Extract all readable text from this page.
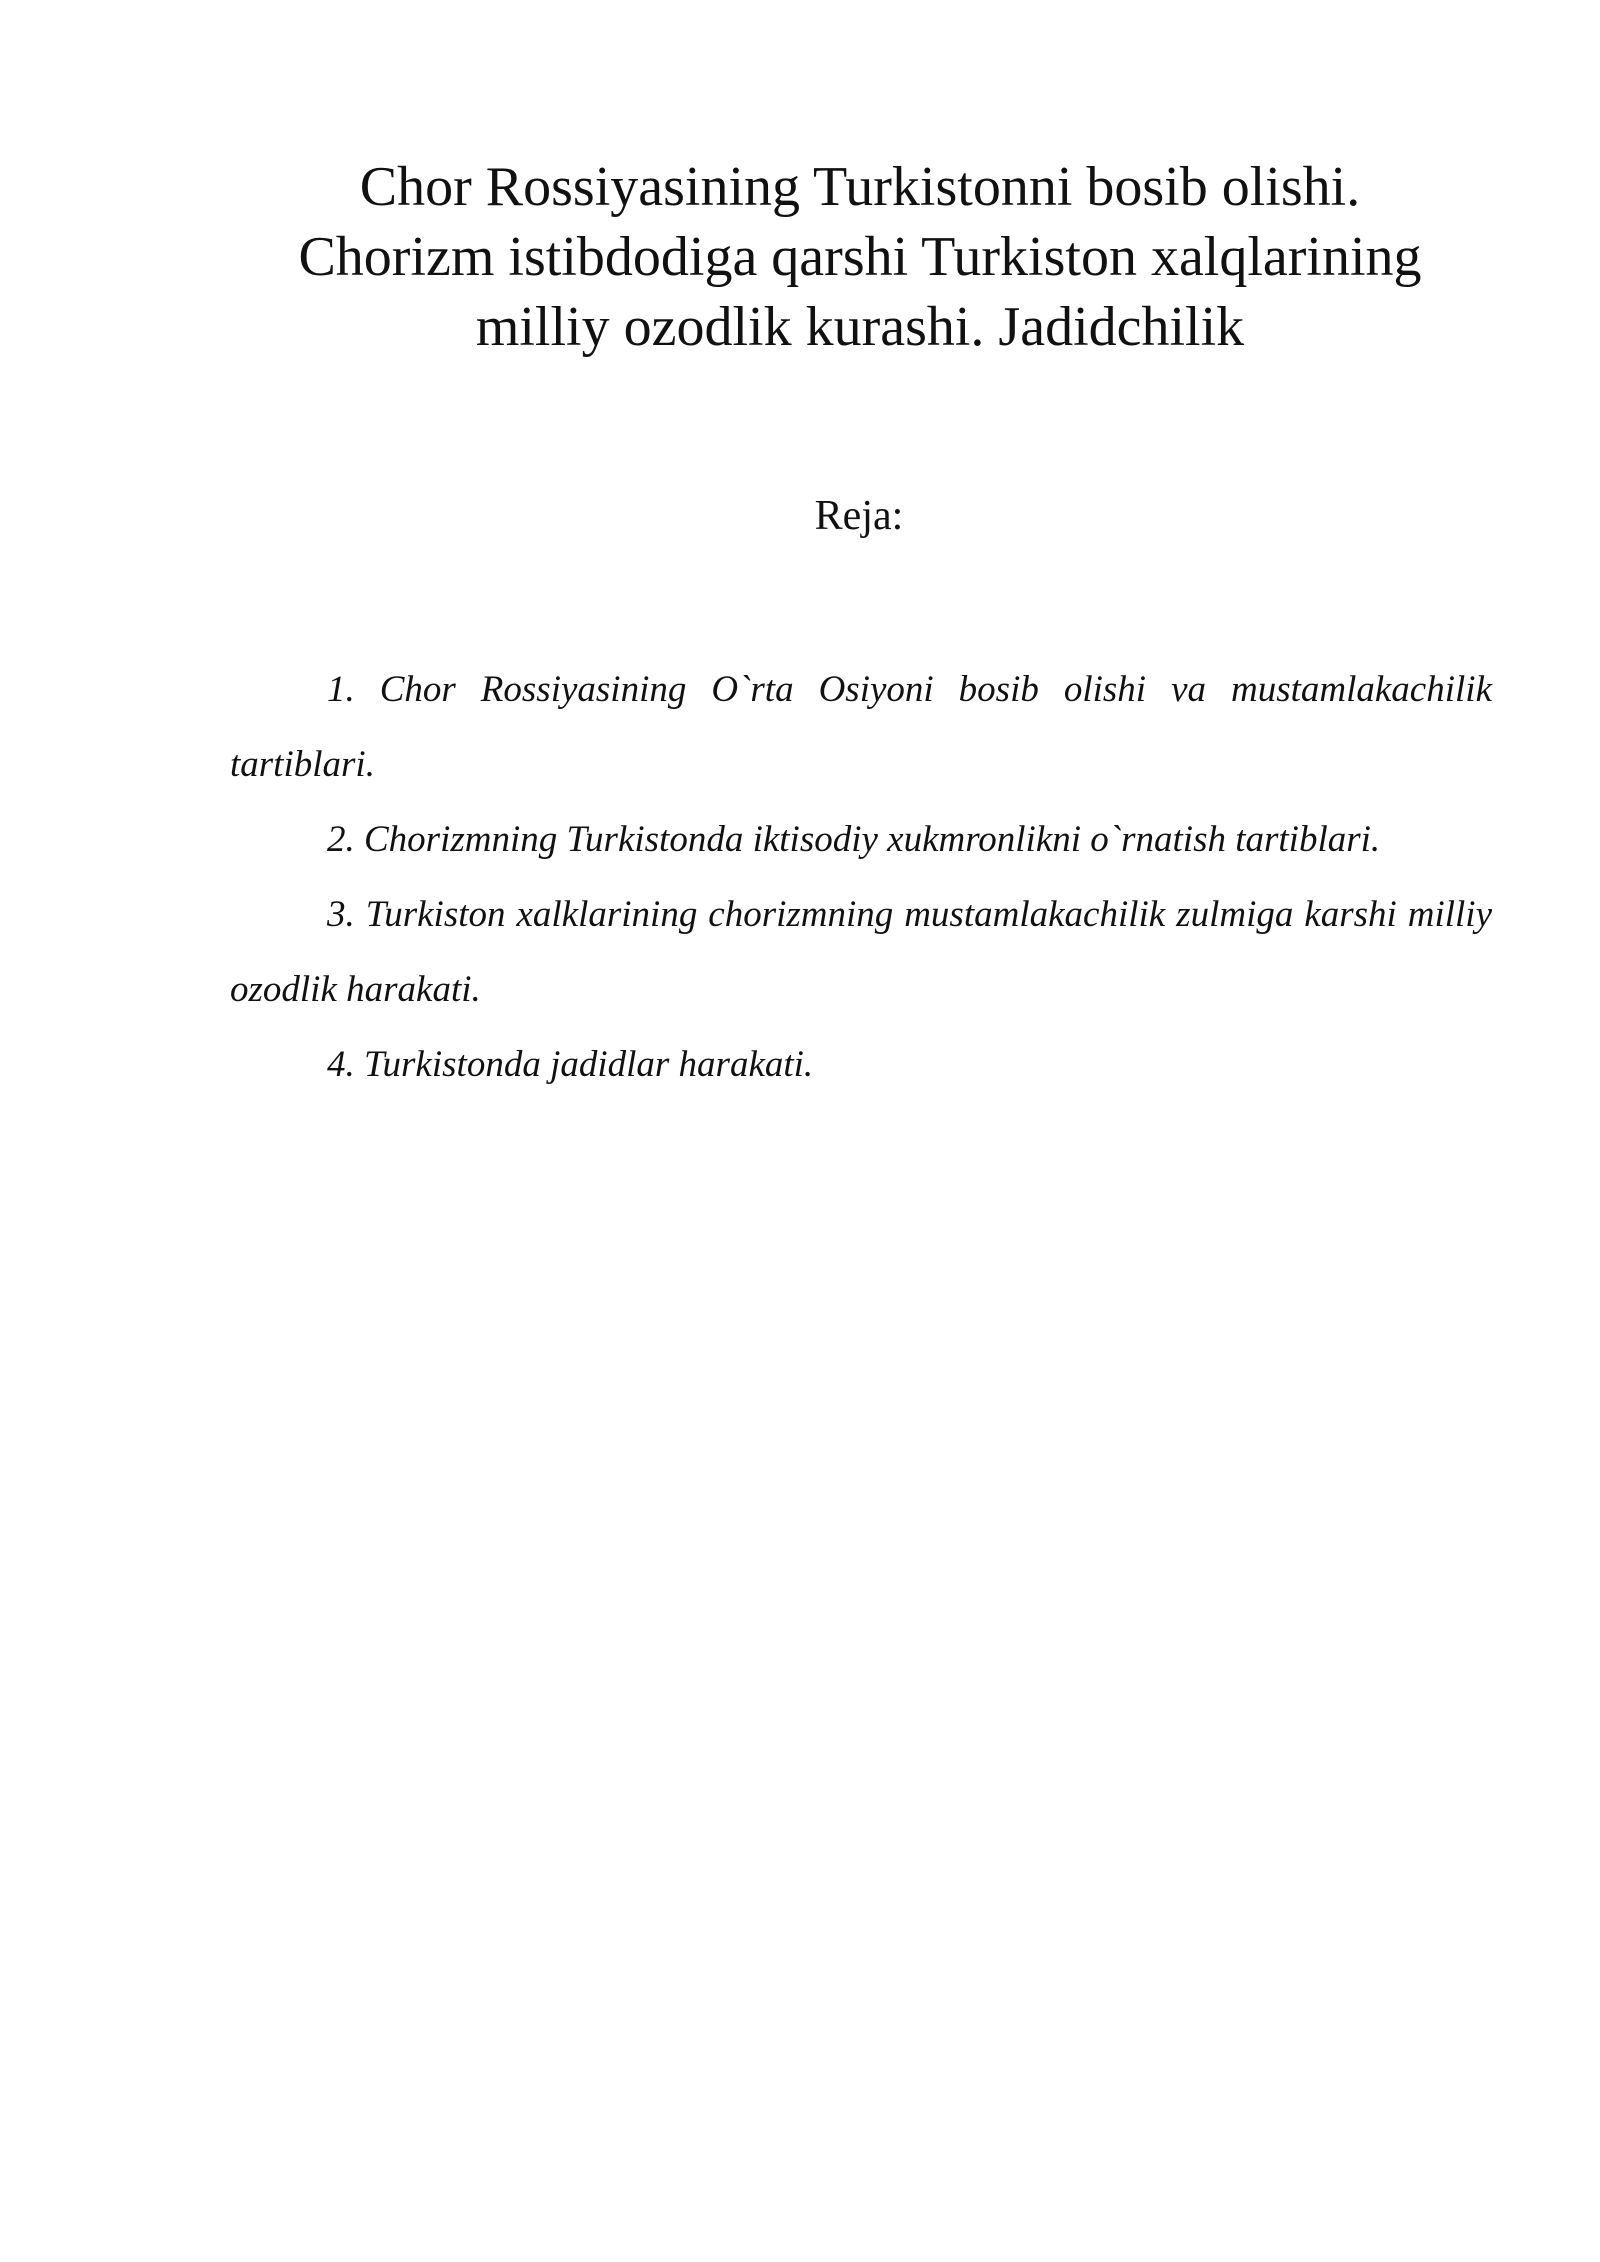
Chor Rossiyasining Turkistonni bosib olishi.
Chorizm istibdodiga qarshi Turkiston xalqlarining
milliy ozodlik kurashi. Jadidchilik
Reja:

1. Chor Rossiyasining O`rta Osiyoni bosib olishi va mustamlakachilik tartiblari.

2. Chorizmning Turkistonda iktisodiy xukmronlikni o`rnatish tartiblari.

3. Turkiston xalklarining chorizmning mustamlakachilik zulmiga karshi milliy ozodlik harakati.

4. Turkistonda jadidlar harakati.
